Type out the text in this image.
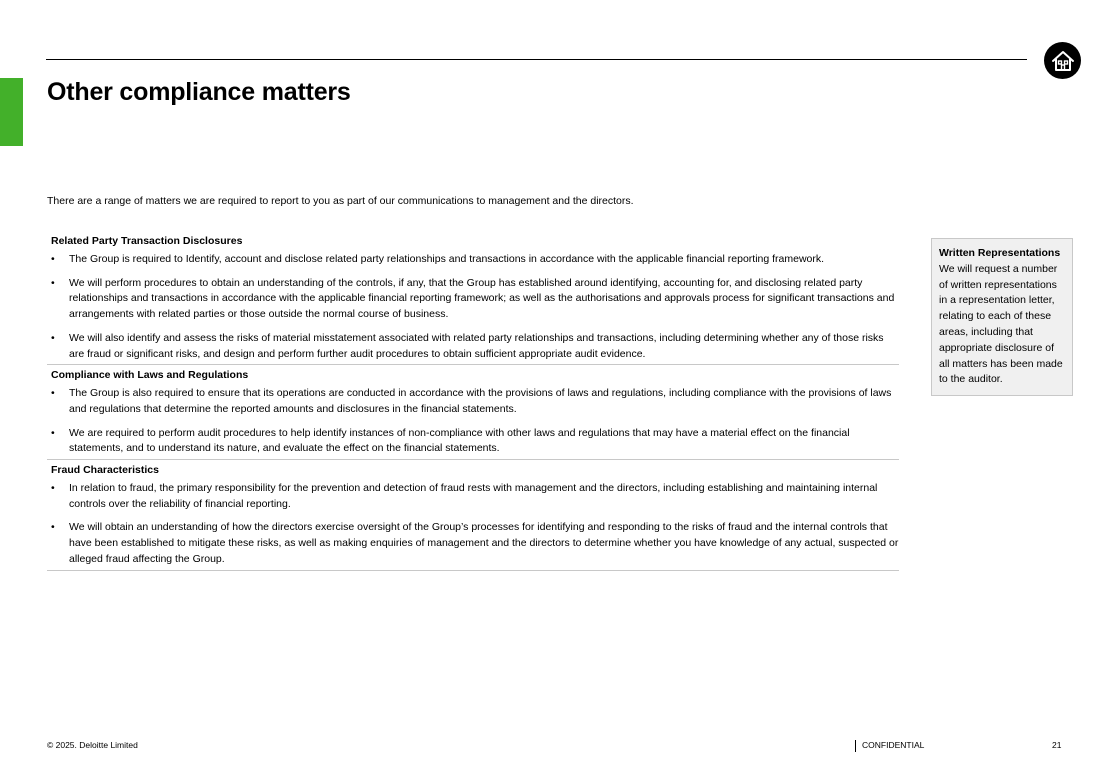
Other compliance matters

There are a range of matters we are required to report to you as part of our communications to management and the directors.

Related Party Transaction Disclosures

• The Group is required to Identify, account and disclose related party relationships and transactions in accordance with the applicable financial reporting framework.
• We will perform procedures to obtain an understanding of the controls, if any, that the Group has established around identifying, accounting for, and disclosing related party relationships and transactions in accordance with the applicable financial reporting framework; as well as the authorisations and approvals process for significant transactions and arrangements with related parties or those outside the normal course of business.
• We will also identify and assess the risks of material misstatement associated with related party relationships and transactions, including determining whether any of those risks are fraud or significant risks, and design and perform further audit procedures to obtain sufficient appropriate audit evidence.

Compliance with Laws and Regulations

• The Group is also required to ensure that its operations are conducted in accordance with the provisions of laws and regulations, including compliance with the provisions of laws and regulations that determine the reported amounts and disclosures in the financial statements.
• We are required to perform audit procedures to help identify instances of non-compliance with other laws and regulations that may have a material effect on the financial statements, and to understand its nature, and evaluate the effect on the financial statements.

Fraud Characteristics

• In relation to fraud, the primary responsibility for the prevention and detection of fraud rests with management and the directors, including establishing and maintaining internal controls over the reliability of financial reporting.
• We will obtain an understanding of how the directors exercise oversight of the Group’s processes for identifying and responding to the risks of fraud and the internal controls that have been established to mitigate these risks, as well as making enquiries of management and the directors to determine whether you have knowledge of any actual, suspected or alleged fraud affecting the Group.

Written Representations

We will request a number of written representations in a representation letter, relating to each of these areas, including that appropriate disclosure of all matters has been made to the auditor.

© 2025. Deloitte Limited	CONFIDENTIAL	21
